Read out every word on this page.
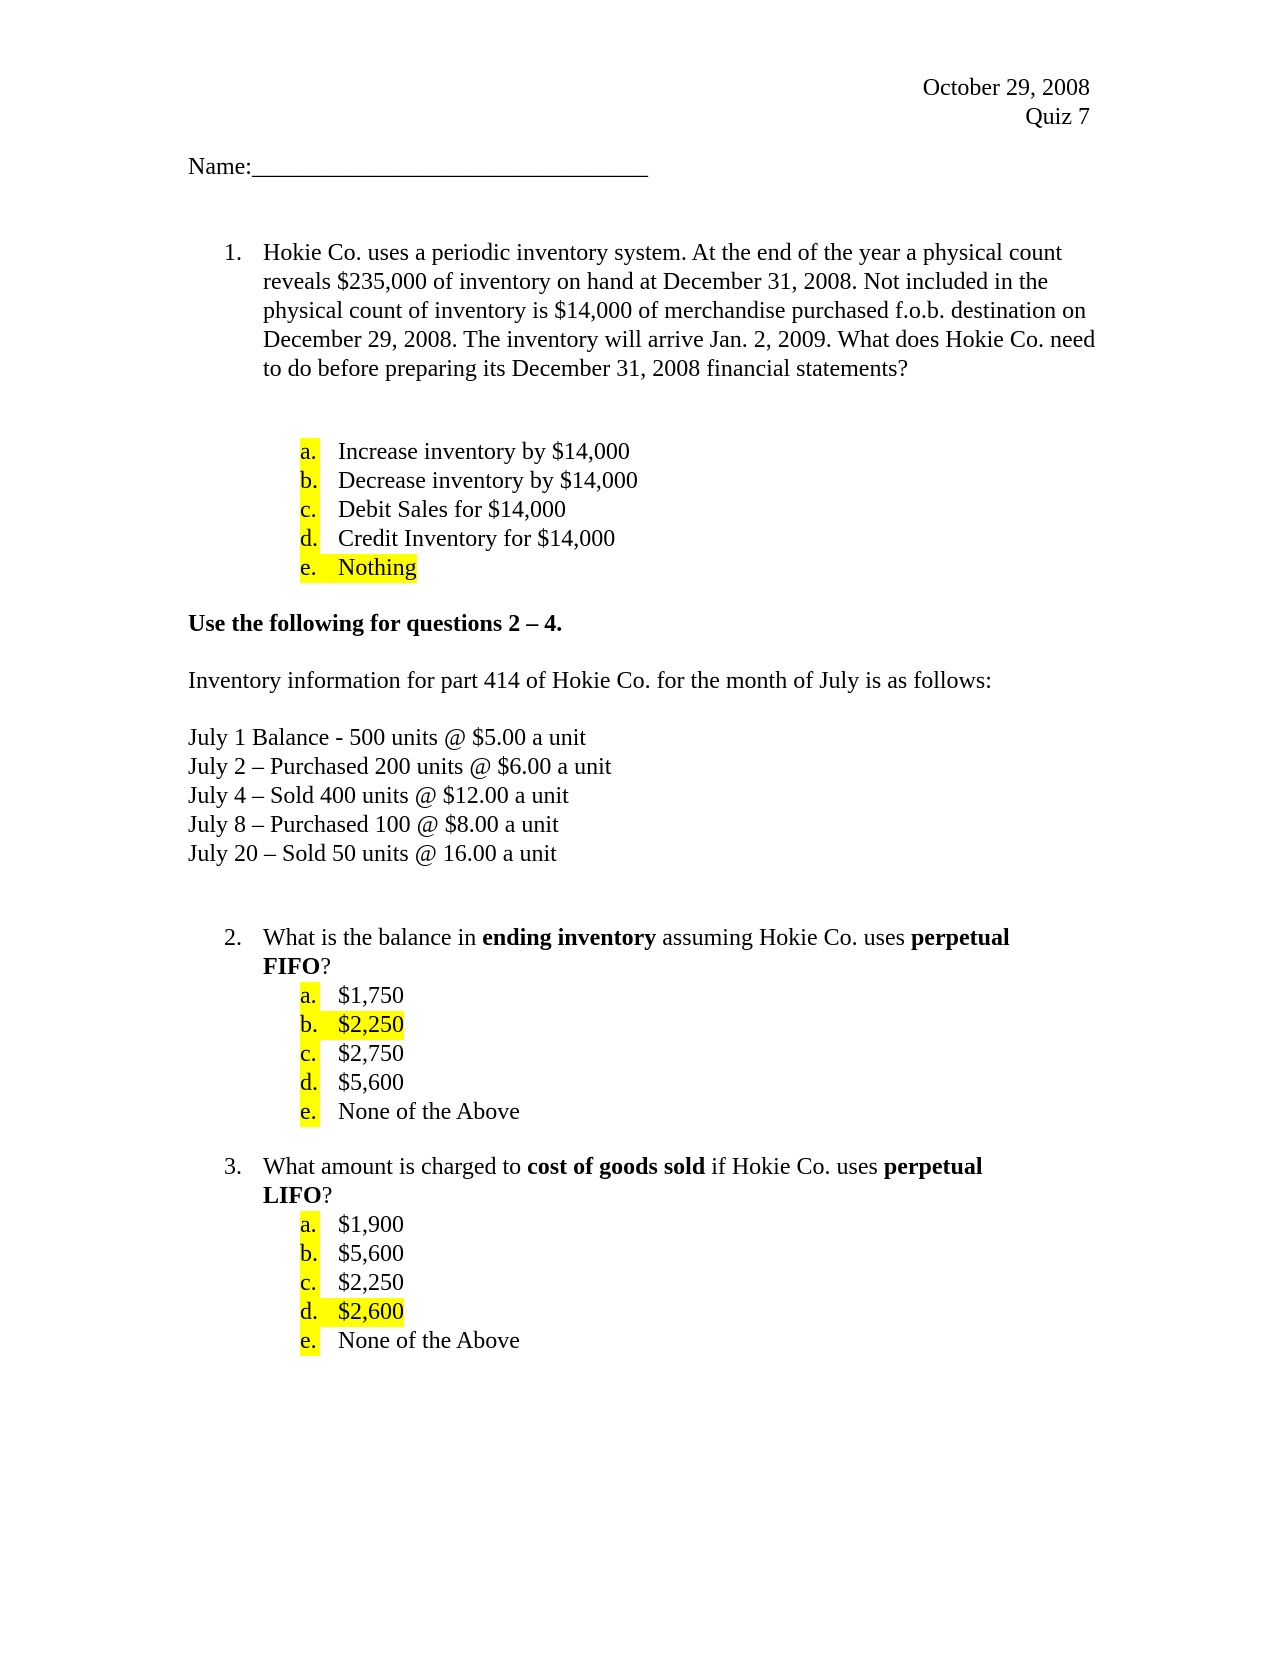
October 29, 2008
Quiz 7
Name:_________________________________
1. Hokie Co. uses a periodic inventory system. At the end of the year a physical count reveals $235,000 of inventory on hand at December 31, 2008. Not included in the physical count of inventory is $14,000 of merchandise purchased f.o.b. destination on December 29, 2008. The inventory will arrive Jan. 2, 2009. What does Hokie Co. need to do before preparing its December 31, 2008 financial statements?
a. Increase inventory by $14,000
b. Decrease inventory by $14,000
c. Debit Sales for $14,000
d. Credit Inventory for $14,000
e. Nothing
Use the following for questions 2 – 4.
Inventory information for part 414 of Hokie Co. for the month of July is as follows:
July 1 Balance - 500 units @ $5.00 a unit
July 2 – Purchased 200 units @ $6.00 a unit
July 4 – Sold 400 units @ $12.00 a unit
July 8 – Purchased 100 @ $8.00 a unit
July 20 – Sold 50 units @ 16.00 a unit
2. What is the balance in ending inventory assuming Hokie Co. uses perpetual
FIFO?
a. $1,750
b. $2,250
c. $2,750
d. $5,600
e. None of the Above
3. What amount is charged to cost of goods sold if Hokie Co. uses perpetual
LIFO?
a. $1,900
b. $5,600
c. $2,250
d. $2,600
e. None of the Above
